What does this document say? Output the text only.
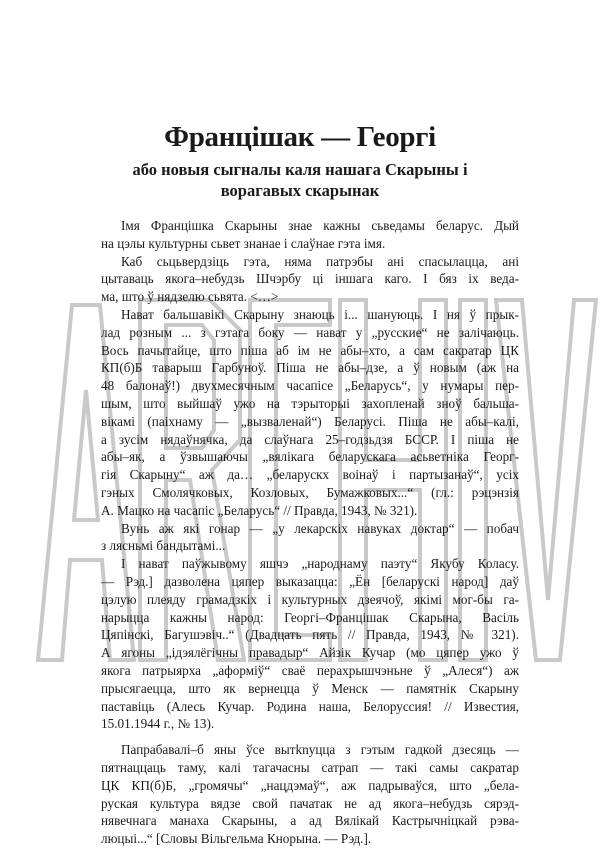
Францішак — Георгі
або новыя сыгналы каля нашага Скарыны і
ворагавых скарынак

Імя Францішка Скарыны знае кажны сьведамы беларус. Дый
на цэлы культурны сьвет знанае і слаўнае гэта імя.

Каб сьцьвердзіць гэта, няма патрэбы ані спасылацца, ані
цытаваць якога–небудзь Шчэрбу ці іншага каго. І бяз іх веда-
ма, што ў нядзелю сьвята. <…>

Нават бальшавікі Скарыну знаюць і... шануюць. І ня ў прык-
лад розным ... з гэтага боку — нават у „русские“ не залічаюць.
Вось пачытайце, што піша аб ім не абы–хто, а сам сакратар ЦК
КП(б)Б таварыш Гарбуноў. Піша не абы–дзе, а ў новым (аж на
48 балонаў!) двухмесячным часапісе „Беларусь“, у нумары пер-
шым, што выйшаў ужо на тэрыторыі захопленай зноў бальша-
вікамі (паіхнаму — „вызваленай“) Беларусі. Піша не абы–калі,
а зусім нядаўнячка, да слаўнага 25–годзьдзя БССР. І піша не
абы–як, а ўзвышаючы „вялікага беларускага асьветніка Георг-
гія Скарыну“ аж да… „беларускх воінаў і партызанаў“, усіх
гэных Смолячковых, Козловых, Бумажковых...“ (гл.: рэцэнзія
А. Мацко на часапіс „Беларусь“ // Правда, 1943, № 321).

Вунь аж які гонар — „у лекарскіх навуках доктар“ — побач
з лясньмі бандытамі...

І нават паўжывому яшчэ „народнаму паэту“ Якубу Коласу.
— Рэд.] дазволена цяпер выказацца: „Ён [беларускі народ] даў
цэлую плеяду грамадзкіх і культурных дзеячоў, якімі мог-бы га-
нарыцца кажны народ: Георгі–Францішак Скарына, Васіль
Цяпінскі, Багушэвіч..“ (Двадцать пять // Правда, 1943, № 321).
А ягоны „ідэялёгічны правадыр“ Айзік Кучар (мо цяпер ужо ў
якога патрыярха „аформіў“ сваё перахрышчэньне ў „Алеся“) аж
прысягаецца, што як вернецца ў Менск — памятнік Скарыну
паставіць (Алесь Кучар. Родина наша, Белоруссия! // Известия,
15.01.1944 г., № 13).

Папрабавалі–б яны ўсе вытknуцца з гэтым гадкой дзесяць —
пятнаццаць таму, калі тагачасны сатрап — такі самы сакратар
ЦК КП(б)Б, „громячы“ „нацдэмаў“, аж падрываўся, што „бела-
руская культура вядзе свой пачатак не ад якога–небудзь сярэд-
нявечнага манаха Скарыны, а ад Вялікай Кастрычніцкай рэва-
люцыі...“ [Словы Вільгельма Кнорына. — Рэд.].
